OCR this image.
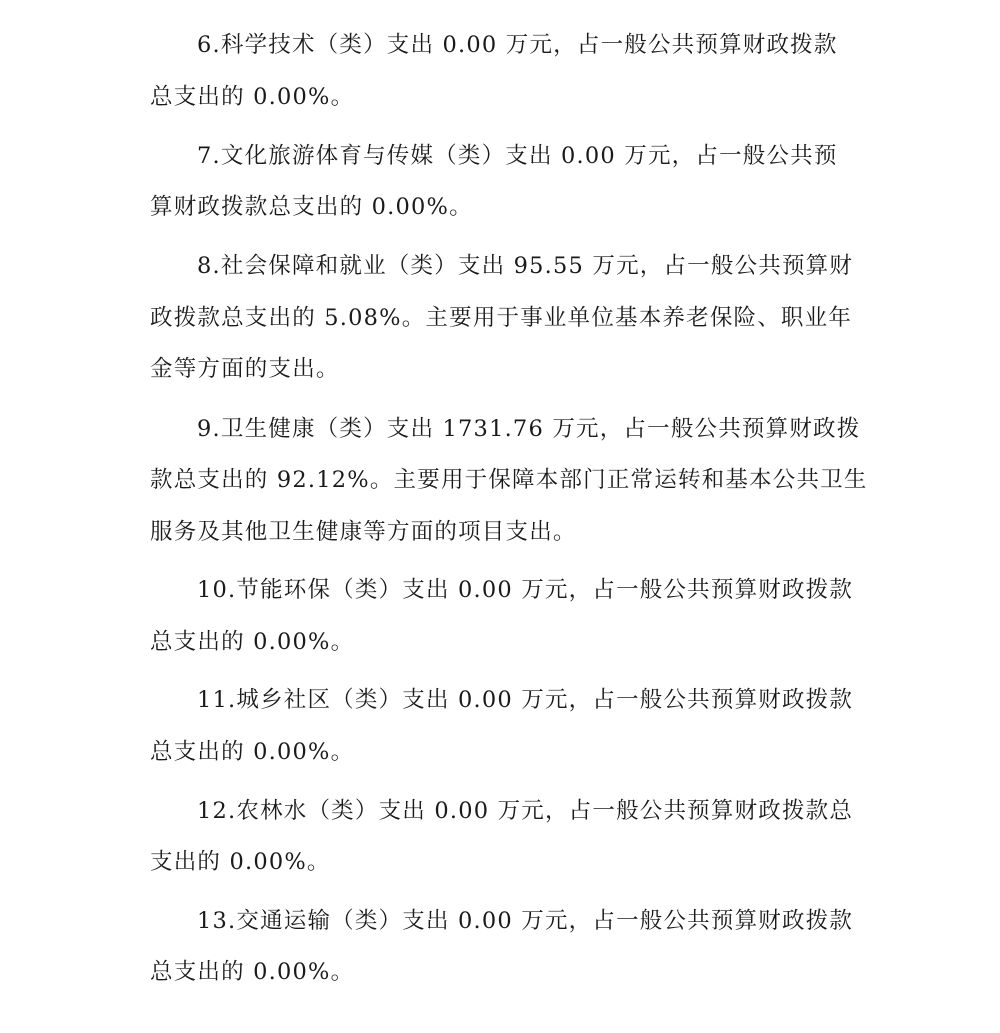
6.科学技术（类）支出 0.00 万元，占一般公共预算财政拨款
总支出的 0.00%。
7.文化旅游体育与传媒（类）支出 0.00 万元，占一般公共预
算财政拨款总支出的 0.00%。
8.社会保障和就业（类）支出 95.55 万元，占一般公共预算财
政拨款总支出的 5.08%。主要用于事业单位基本养老保险、职业年
金等方面的支出。
9.卫生健康（类）支出 1731.76 万元，占一般公共预算财政拨
款总支出的 92.12%。主要用于保障本部门正常运转和基本公共卫生
服务及其他卫生健康等方面的项目支出。
10.节能环保（类）支出 0.00 万元，占一般公共预算财政拨款
总支出的 0.00%。
11.城乡社区（类）支出 0.00 万元，占一般公共预算财政拨款
总支出的 0.00%。
12.农林水（类）支出 0.00 万元，占一般公共预算财政拨款总
支出的 0.00%。
13.交通运输（类）支出 0.00 万元，占一般公共预算财政拨款
总支出的 0.00%。
